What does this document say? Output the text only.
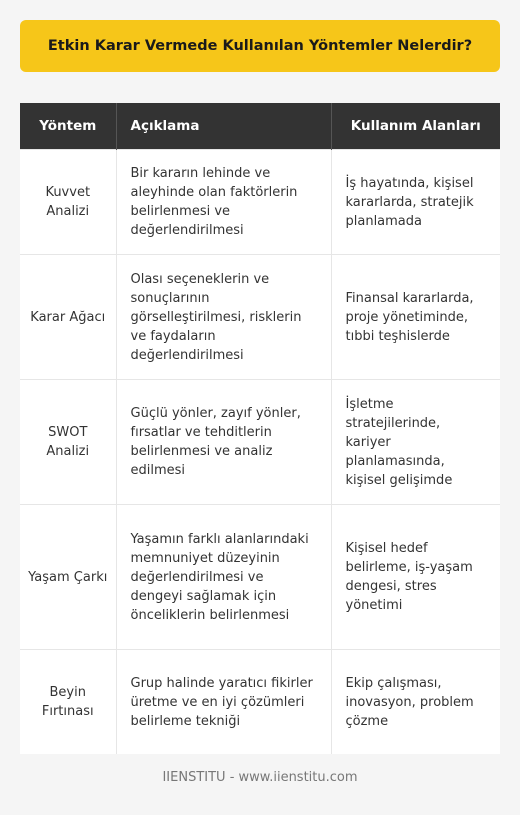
Etkin Karar Vermede Kullanılan Yöntemler Nelerdir?
Yöntem	Açıklama	Kullanım Alanları
Kuvvet Analizi	Bir kararın lehinde ve aleyhinde olan faktörlerin belirlenmesi ve değerlendirilmesi	İş hayatında, kişisel kararlarda, stratejik planlamada
Karar Ağacı	Olası seçeneklerin ve sonuçlarının görselleştirilmesi, risklerin ve faydaların değerlendirilmesi	Finansal kararlarda, proje yönetiminde, tıbbi teşhislerde
SWOT Analizi	Güçlü yönler, zayıf yönler, fırsatlar ve tehditlerin belirlenmesi ve analiz edilmesi	İşletme stratejilerinde, kariyer planlamasında, kişisel gelişimde
Yaşam Çarkı	Yaşamın farklı alanlarındaki memnuniyet düzeyinin değerlendirilmesi ve dengeyi sağlamak için önceliklerin belirlenmesi	Kişisel hedef belirleme, iş-yaşam dengesi, stres yönetimi
Beyin Fırtınası	Grup halinde yaratıcı fikirler üretme ve en iyi çözümleri belirleme tekniği	Ekip çalışması, inovasyon, problem çözme
IIENSTITU - www.iienstitu.com
